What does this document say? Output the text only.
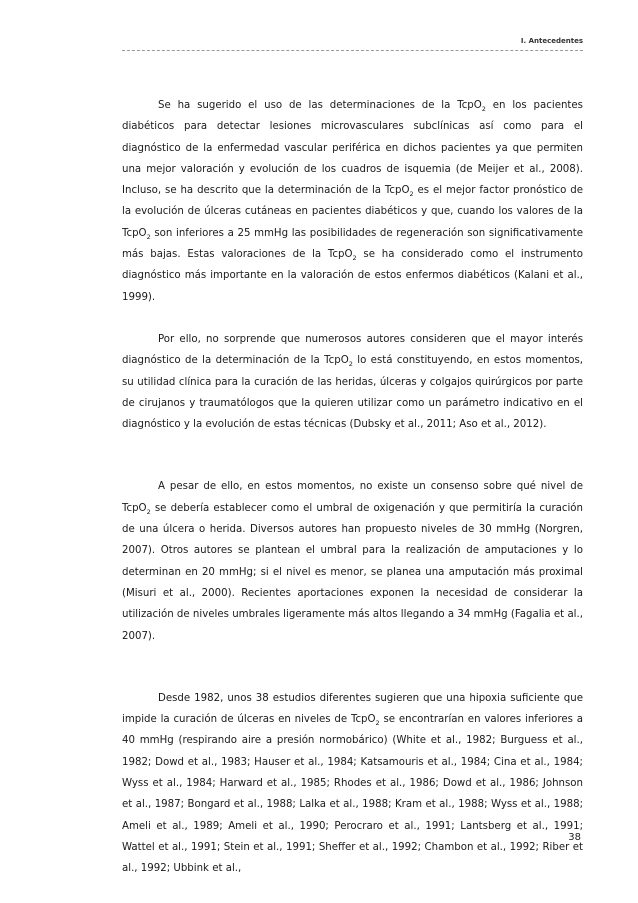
I. Antecedentes

Se ha sugerido el uso de las determinaciones de la TcpO$_2$ en los pacientes diabéticos para detectar lesiones microvasculares subclínicas así como para el diagnóstico de la enfermedad vascular periférica en dichos pacientes ya que permiten una mejor valoración y evolución de los cuadros de isquemia (de Meijer et al., 2008). Incluso, se ha descrito que la determinación de la TcpO$_2$ es el mejor factor pronóstico de la evolución de úlceras cutáneas en pacientes diabéticos y que, cuando los valores de la TcpO$_2$ son inferiores a 25 mmHg las posibilidades de regeneración son significativamente más bajas. Estas valoraciones de la TcpO$_2$ se ha considerado como el instrumento diagnóstico más importante en la valoración de estos enfermos diabéticos (Kalani et al., 1999).

Por ello, no sorprende que numerosos autores consideren que el mayor interés diagnóstico de la determinación de la TcpO$_2$ lo está constituyendo, en estos momentos, su utilidad clínica para la curación de las heridas, úlceras y colgajos quirúrgicos por parte de cirujanos y traumatólogos que la quieren utilizar como un parámetro indicativo en el diagnóstico y la evolución de estas técnicas (Dubsky et al., 2011; Aso et al., 2012).

A pesar de ello, en estos momentos, no existe un consenso sobre qué nivel de TcpO$_2$ se debería establecer como el umbral de oxigenación y que permitiría la curación de una úlcera o herida. Diversos autores han propuesto niveles de 30 mmHg (Norgren, 2007). Otros autores se plantean el umbral para la realización de amputaciones y lo determinan en 20 mmHg; si el nivel es menor, se planea una amputación más proximal (Misuri et al., 2000). Recientes aportaciones exponen la necesidad de considerar la utilización de niveles umbrales ligeramente más altos llegando a 34 mmHg (Fagalia et al., 2007).

Desde 1982, unos 38 estudios diferentes sugieren que una hipoxia suficiente que impide la curación de úlceras en niveles de TcpO$_2$ se encontrarían en valores inferiores a 40 mmHg (respirando aire a presión normobárico) (White et al., 1982; Burguess et al., 1982; Dowd et al., 1983; Hauser et al., 1984; Katsamouris et al., 1984; Cina et al., 1984; Wyss et al., 1984; Harward et al., 1985; Rhodes et al., 1986; Dowd et al., 1986; Johnson et al., 1987; Bongard et al., 1988; Lalka et al., 1988; Kram et al., 1988; Wyss et al., 1988; Ameli et al., 1989; Ameli et al., 1990; Perocraro et al., 1991; Lantsberg et al., 1991; Wattel et al., 1991; Stein et al., 1991; Sheffer et al., 1992; Chambon et al., 1992; Riber et al., 1992; Ubbink et al.,

38
